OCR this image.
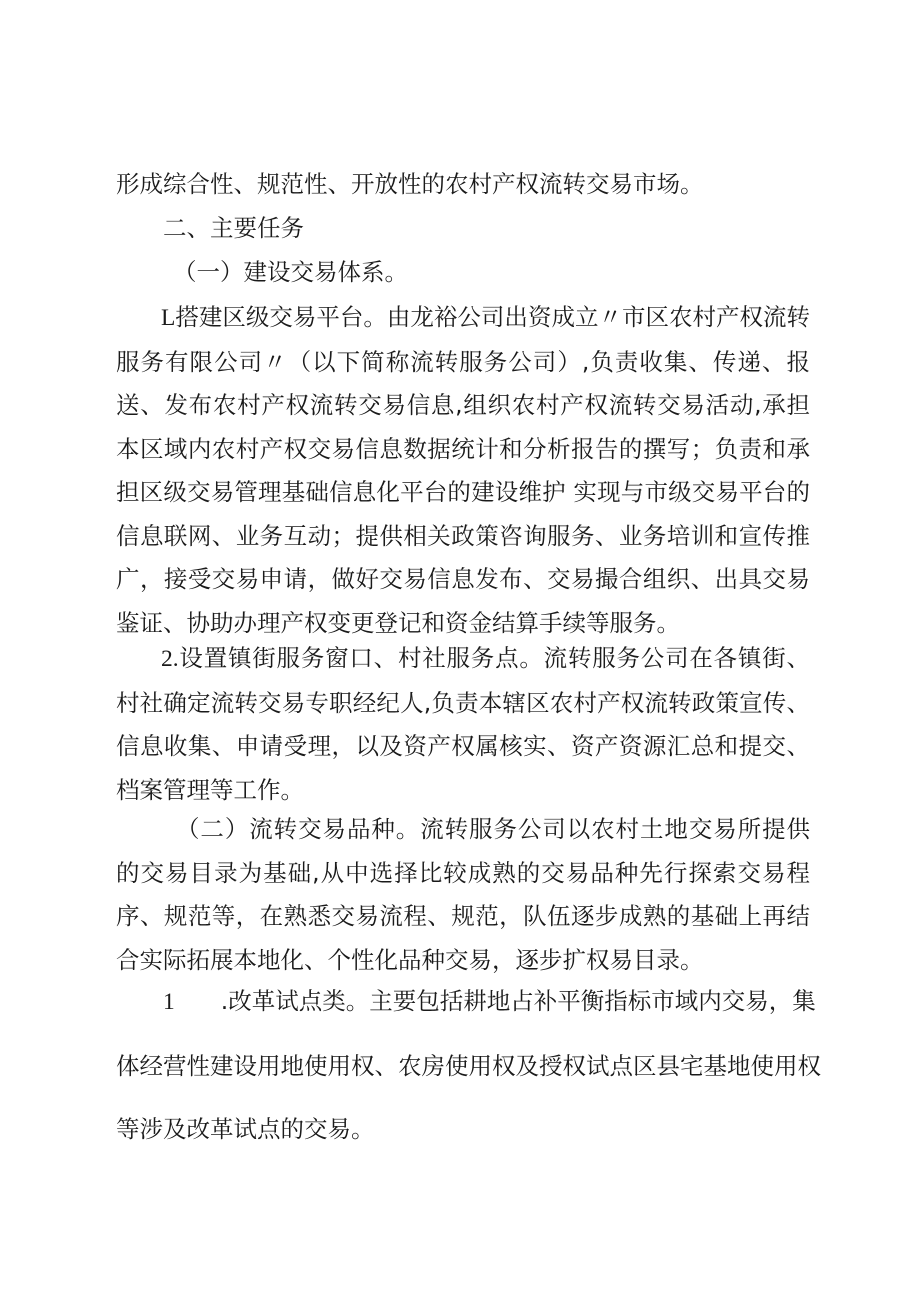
形成综合性、规范性、开放性的农村产权流转交易市场。
二、主要任务
（一）建设交易体系。
L搭建区级交易平台。由龙裕公司出资成立〃市区农村产权流转服务有限公司〃（以下简称流转服务公司）,负责收集、传递、报送、发布农村产权流转交易信息,组织农村产权流转交易活动,承担本区域内农村产权交易信息数据统计和分析报告的撰写；负责和承担区级交易管理基础信息化平台的建设维护 实现与市级交易平台的信息联网、业务互动；提供相关政策咨询服务、业务培训和宣传推广，接受交易申请，做好交易信息发布、交易撮合组织、出具交易鉴证、协助办理产权变更登记和资金结算手续等服务。
2.设置镇街服务窗口、村社服务点。流转服务公司在各镇街、村社确定流转交易专职经纪人,负责本辖区农村产权流转政策宣传、信息收集、申请受理，以及资产权属核实、资产资源汇总和提交、档案管理等工作。
（二）流转交易品种。流转服务公司以农村土地交易所提供的交易目录为基础,从中选择比较成熟的交易品种先行探索交易程序、规范等，在熟悉交易流程、规范，队伍逐步成熟的基础上再结合实际拓展本地化、个性化品种交易，逐步扩权易目录。
1 .改革试点类。主要包括耕地占补平衡指标市域内交易，集
体经营性建设用地使用权、农房使用权及授权试点区县宅基地使用权
等涉及改革试点的交易。
